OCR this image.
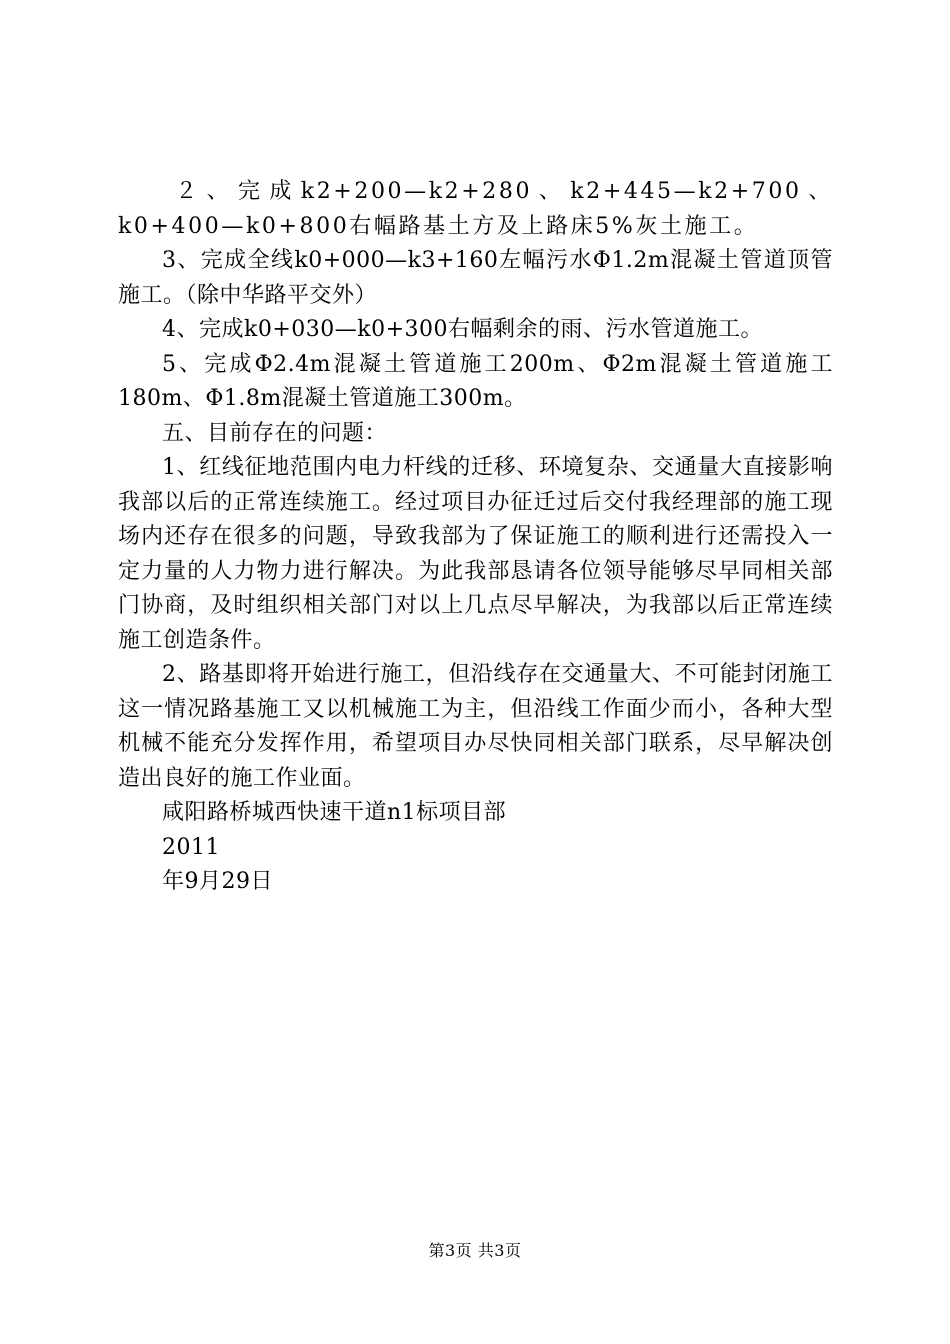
２、完成k2+200—k2+280、k2+445—k2+700、k0+400—k0+800右幅路基土方及上路床5%灰土施工。

3、完成全线k0+000—k3+160左幅污水Φ1.2m混凝土管道顶管施工。（除中华路平交外）

4、完成k0+030—k0+300右幅剩余的雨、污水管道施工。

5、完成Φ2.4m混凝土管道施工200m、Φ2m混凝土管道施工180m、Φ1.8m混凝土管道施工300m。

五、目前存在的问题：

1、红线征地范围内电力杆线的迁移、环境复杂、交通量大直接影响我部以后的正常连续施工。经过项目办征迁过后交付我经理部的施工现场内还存在很多的问题，导致我部为了保证施工的顺利进行还需投入一定力量的人力物力进行解决。为此我部恳请各位领导能够尽早同相关部门协商，及时组织相关部门对以上几点尽早解决，为我部以后正常连续施工创造条件。

2、路基即将开始进行施工，但沿线存在交通量大、不可能封闭施工这一情况路基施工又以机械施工为主，但沿线工作面少而小，各种大型机械不能充分发挥作用，希望项目办尽快同相关部门联系，尽早解决创造出良好的施工作业面。

咸阳路桥城西快速干道n1标项目部

2011

年9月29日

第3页 共3页
